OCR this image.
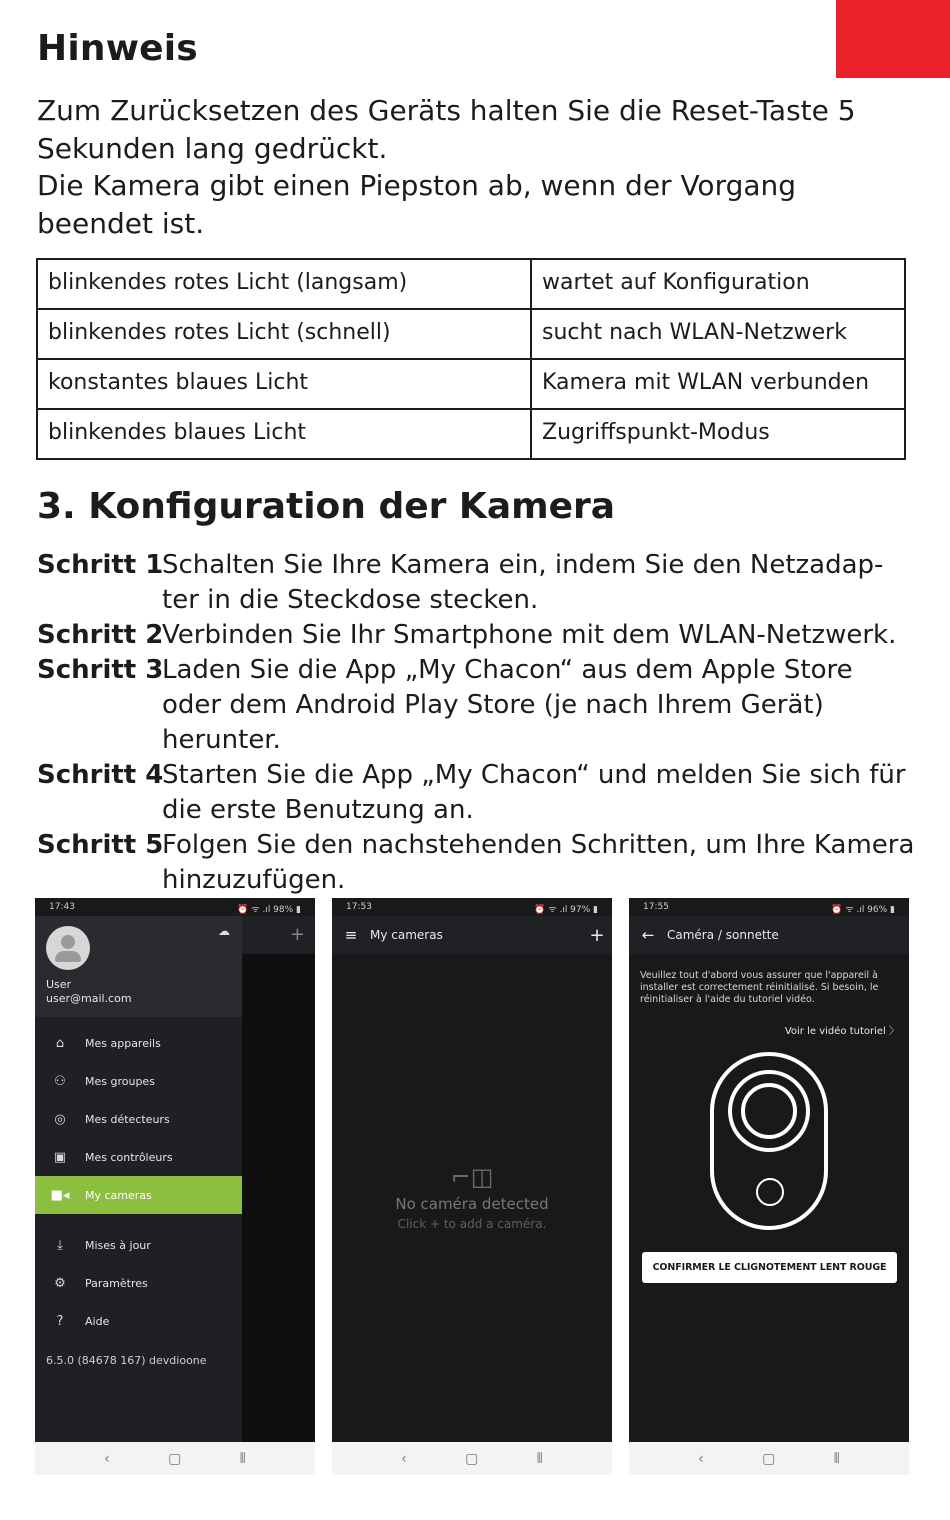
Hinweis
Zum Zurücksetzen des Geräts halten Sie die Reset-Taste 5
Sekunden lang gedrückt.
Die Kamera gibt einen Piepston ab, wenn der Vorgang
beendet ist.
blinkendes rotes Licht (langsam)	wartet auf Konfiguration
blinkendes rotes Licht (schnell)	sucht nach WLAN-Netzwerk
konstantes blaues Licht	Kamera mit WLAN verbunden
blinkendes blaues Licht	Zugriffspunkt-Modus
3. Konfiguration der Kamera
Schritt 1
Schalten Sie Ihre Kamera ein, indem Sie den Netzadap-ter in die Steckdose stecken.
Schritt 2
Verbinden Sie Ihr Smartphone mit dem WLAN-Netzwerk.
Schritt 3
Laden Sie die App „My Chacon“ aus dem Apple Store oder dem Android Play Store (je nach Ihrem Gerät) herunter.
Schritt 4
Starten Sie die App „My Chacon“ und melden Sie sich für die erste Benutzung an.
Schritt 5
Folgen Sie den nachstehenden Schritten, um Ihre Kamera hinzuzufügen.
17:43	⏰ ᯤ .ıl 98% ▮
+
☁
User
user@mail.com
⌂	Mes appareils
⚇	Mes groupes
◎	Mes détecteurs
▣	Mes contrôleurs
■◂	My cameras
⤓	Mises à jour
⚙	Paramètres
?	Aide
6.5.0 (84678 167) devdioone
‹	▢	⦀
17:53	⏰ ᯤ .ıl 97% ▮
≡	My cameras	+
⌐◫
No caméra detected
Click + to add a caméra.
‹	▢	⦀
17:55	⏰ ᯤ .ıl 96% ▮
←	Caméra / sonnette
Veuillez tout d'abord vous assurer que l'appareil à installer est correctement réinitialisé. Si besoin, le réinitialiser à l'aide du tutoriel vidéo.
Voir le vidéo tutoriel 〉
CONFIRMER LE CLIGNOTEMENT LENT ROUGE
‹	▢	⦀
